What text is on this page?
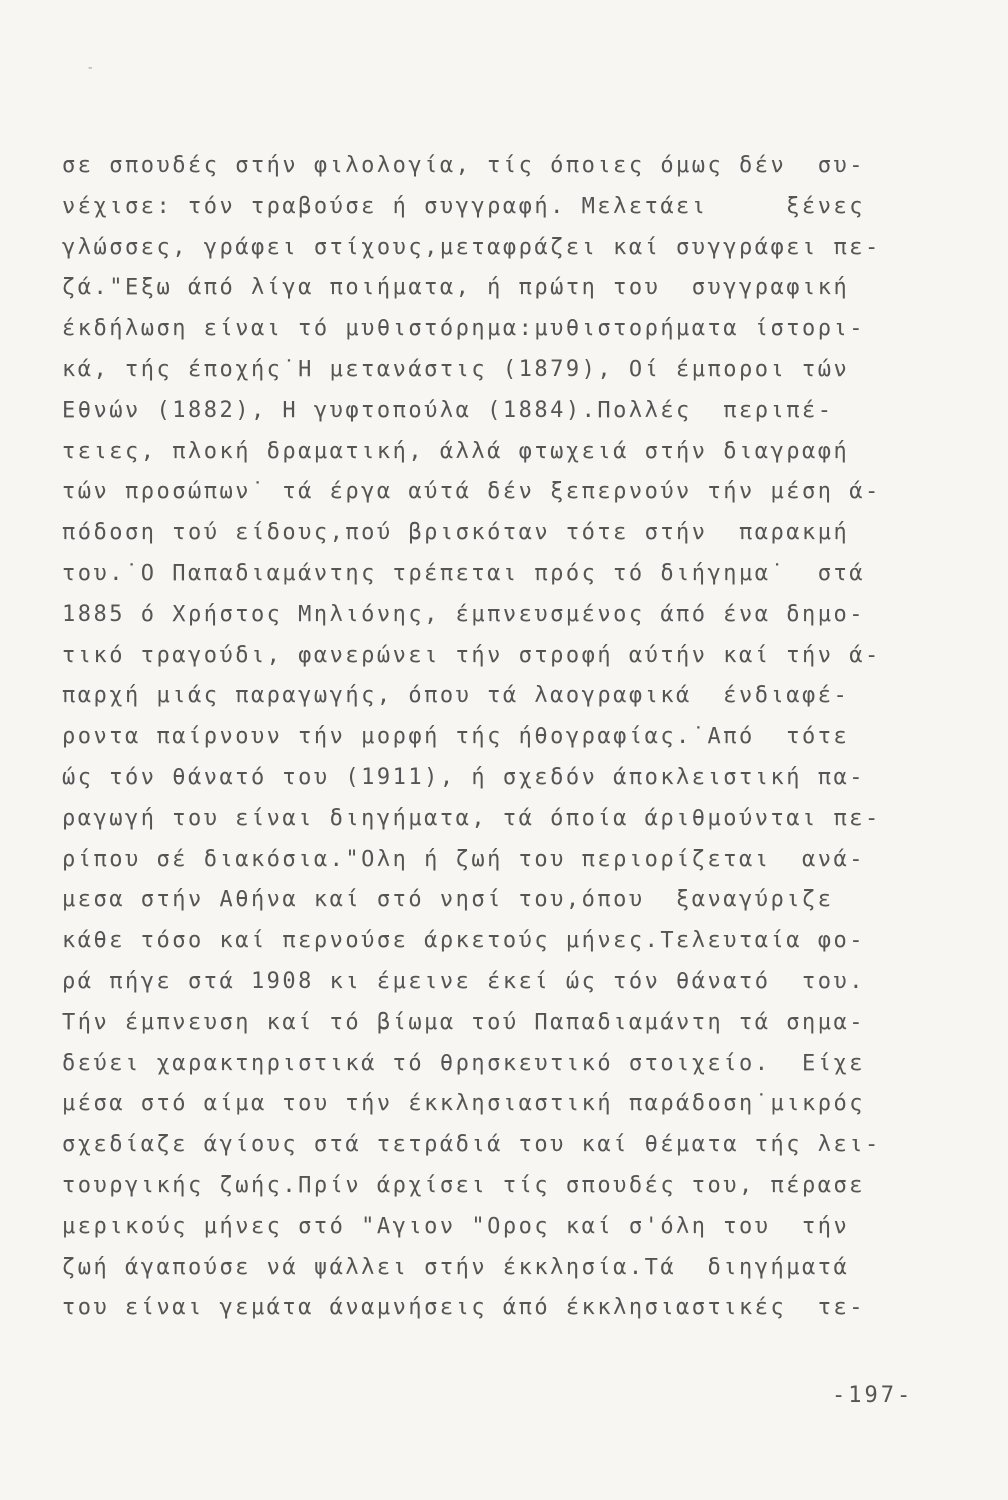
-
σε σπουδές στήν φιλολογία, τίς όποιες όμως δέν  συ-
νέχισε: τόν τραβούσε ή συγγραφή. Μελετάει     ξένες
γλώσσες, γράφει στίχους,μεταφράζει καί συγγράφει πε-
ζά."Εξω άπό λίγα ποιήματα, ή πρώτη του  συγγραφική
έκδήλωση είναι τό μυθιστόρημα:μυθιστορήματα ίστορι-
κά, τής έποχής˙Η μετανάστις (1879), Οί έμποροι τών
Εθνών (1882), Η γυφτοπούλα (1884).Πολλές  περιπέ-
τειες, πλοκή δραματική, άλλά φτωχειά στήν διαγραφή
τών προσώπων˙ τά έργα αύτά δέν ξεπερνούν τήν μέση ά-
πόδοση τού είδους,πού βρισκόταν τότε στήν  παρακμή
του.˙Ο Παπαδιαμάντης τρέπεται πρός τό διήγημα˙  στά
1885 ό Χρήστος Μηλιόνης, έμπνευσμένος άπό ένα δημο-
τικό τραγούδι, φανερώνει τήν στροφή αύτήν καί τήν ά-
παρχή μιάς παραγωγής, όπου τά λαογραφικά  ένδιαφέ-
ροντα παίρνουν τήν μορφή τής ήθογραφίας.˙Από  τότε
ώς τόν θάνατό του (1911), ή σχεδόν άποκλειστική πα-
ραγωγή του είναι διηγήματα, τά όποία άριθμούνται πε-
ρίπου σέ διακόσια."Ολη ή ζωή του περιορίζεται  ανά-
μεσα στήν Αθήνα καί στό νησί του,όπου  ξαναγύριζε
κάθε τόσο καί περνούσε άρκετούς μήνες.Τελευταία φο-
ρά πήγε στά 1908 κι έμεινε έκεί ώς τόν θάνατό  του.
Τήν έμπνευση καί τό βίωμα τού Παπαδιαμάντη τά σημα-
δεύει χαρακτηριστικά τό θρησκευτικό στοιχείο.  Είχε
μέσα στό αίμα του τήν έκκλησιαστική παράδοση˙μικρός
σχεδίαζε άγίους στά τετράδιά του καί θέματα τής λει-
τουργικής ζωής.Πρίν άρχίσει τίς σπουδές του, πέρασε
μερικούς μήνες στό "Αγιον "Ορος καί σ'όλη του  τήν
ζωή άγαπούσε νά ψάλλει στήν έκκλησία.Τά  διηγήματά
του είναι γεμάτα άναμνήσεις άπό έκκλησιαστικές  τε-
-197-
